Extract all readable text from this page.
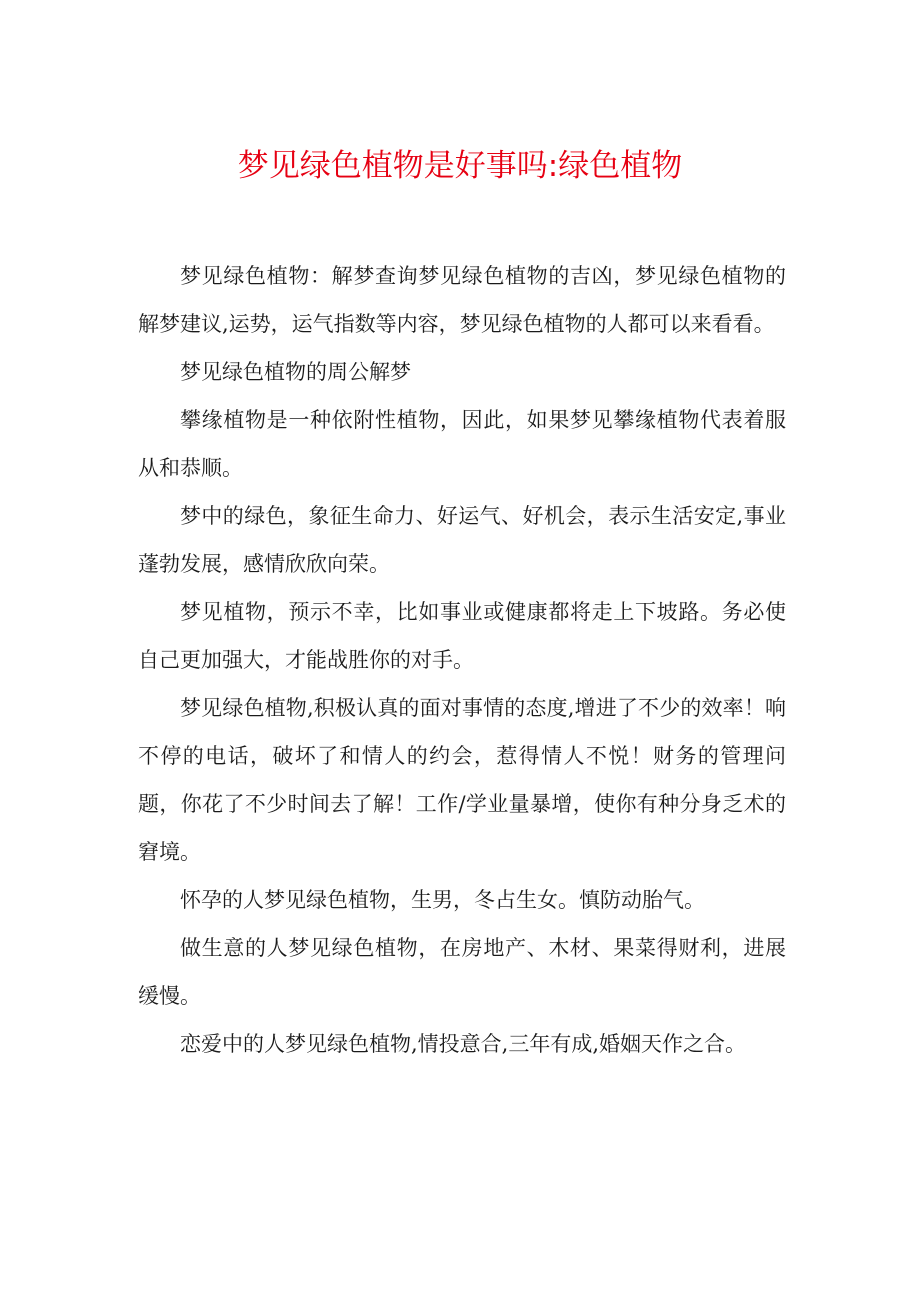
梦见绿色植物是好事吗:绿色植物

梦见绿色植物：解梦查询梦见绿色植物的吉凶，梦见绿色植物的解梦建议,运势，运气指数等内容，梦见绿色植物的人都可以来看看。

梦见绿色植物的周公解梦

攀缘植物是一种依附性植物，因此，如果梦见攀缘植物代表着服从和恭顺。

梦中的绿色，象征生命力、好运气、好机会，表示生活安定,事业蓬勃发展，感情欣欣向荣。

梦见植物，预示不幸，比如事业或健康都将走上下坡路。务必使自己更加强大，才能战胜你的对手。

梦见绿色植物,积极认真的面对事情的态度,增进了不少的效率！响不停的电话，破坏了和情人的约会，惹得情人不悦！财务的管理问题，你花了不少时间去了解！工作/学业量暴增，使你有种分身乏术的窘境。

怀孕的人梦见绿色植物，生男，冬占生女。慎防动胎气。

做生意的人梦见绿色植物，在房地产、木材、果菜得财利，进展缓慢。

恋爱中的人梦见绿色植物,情投意合,三年有成,婚姻天作之合。
